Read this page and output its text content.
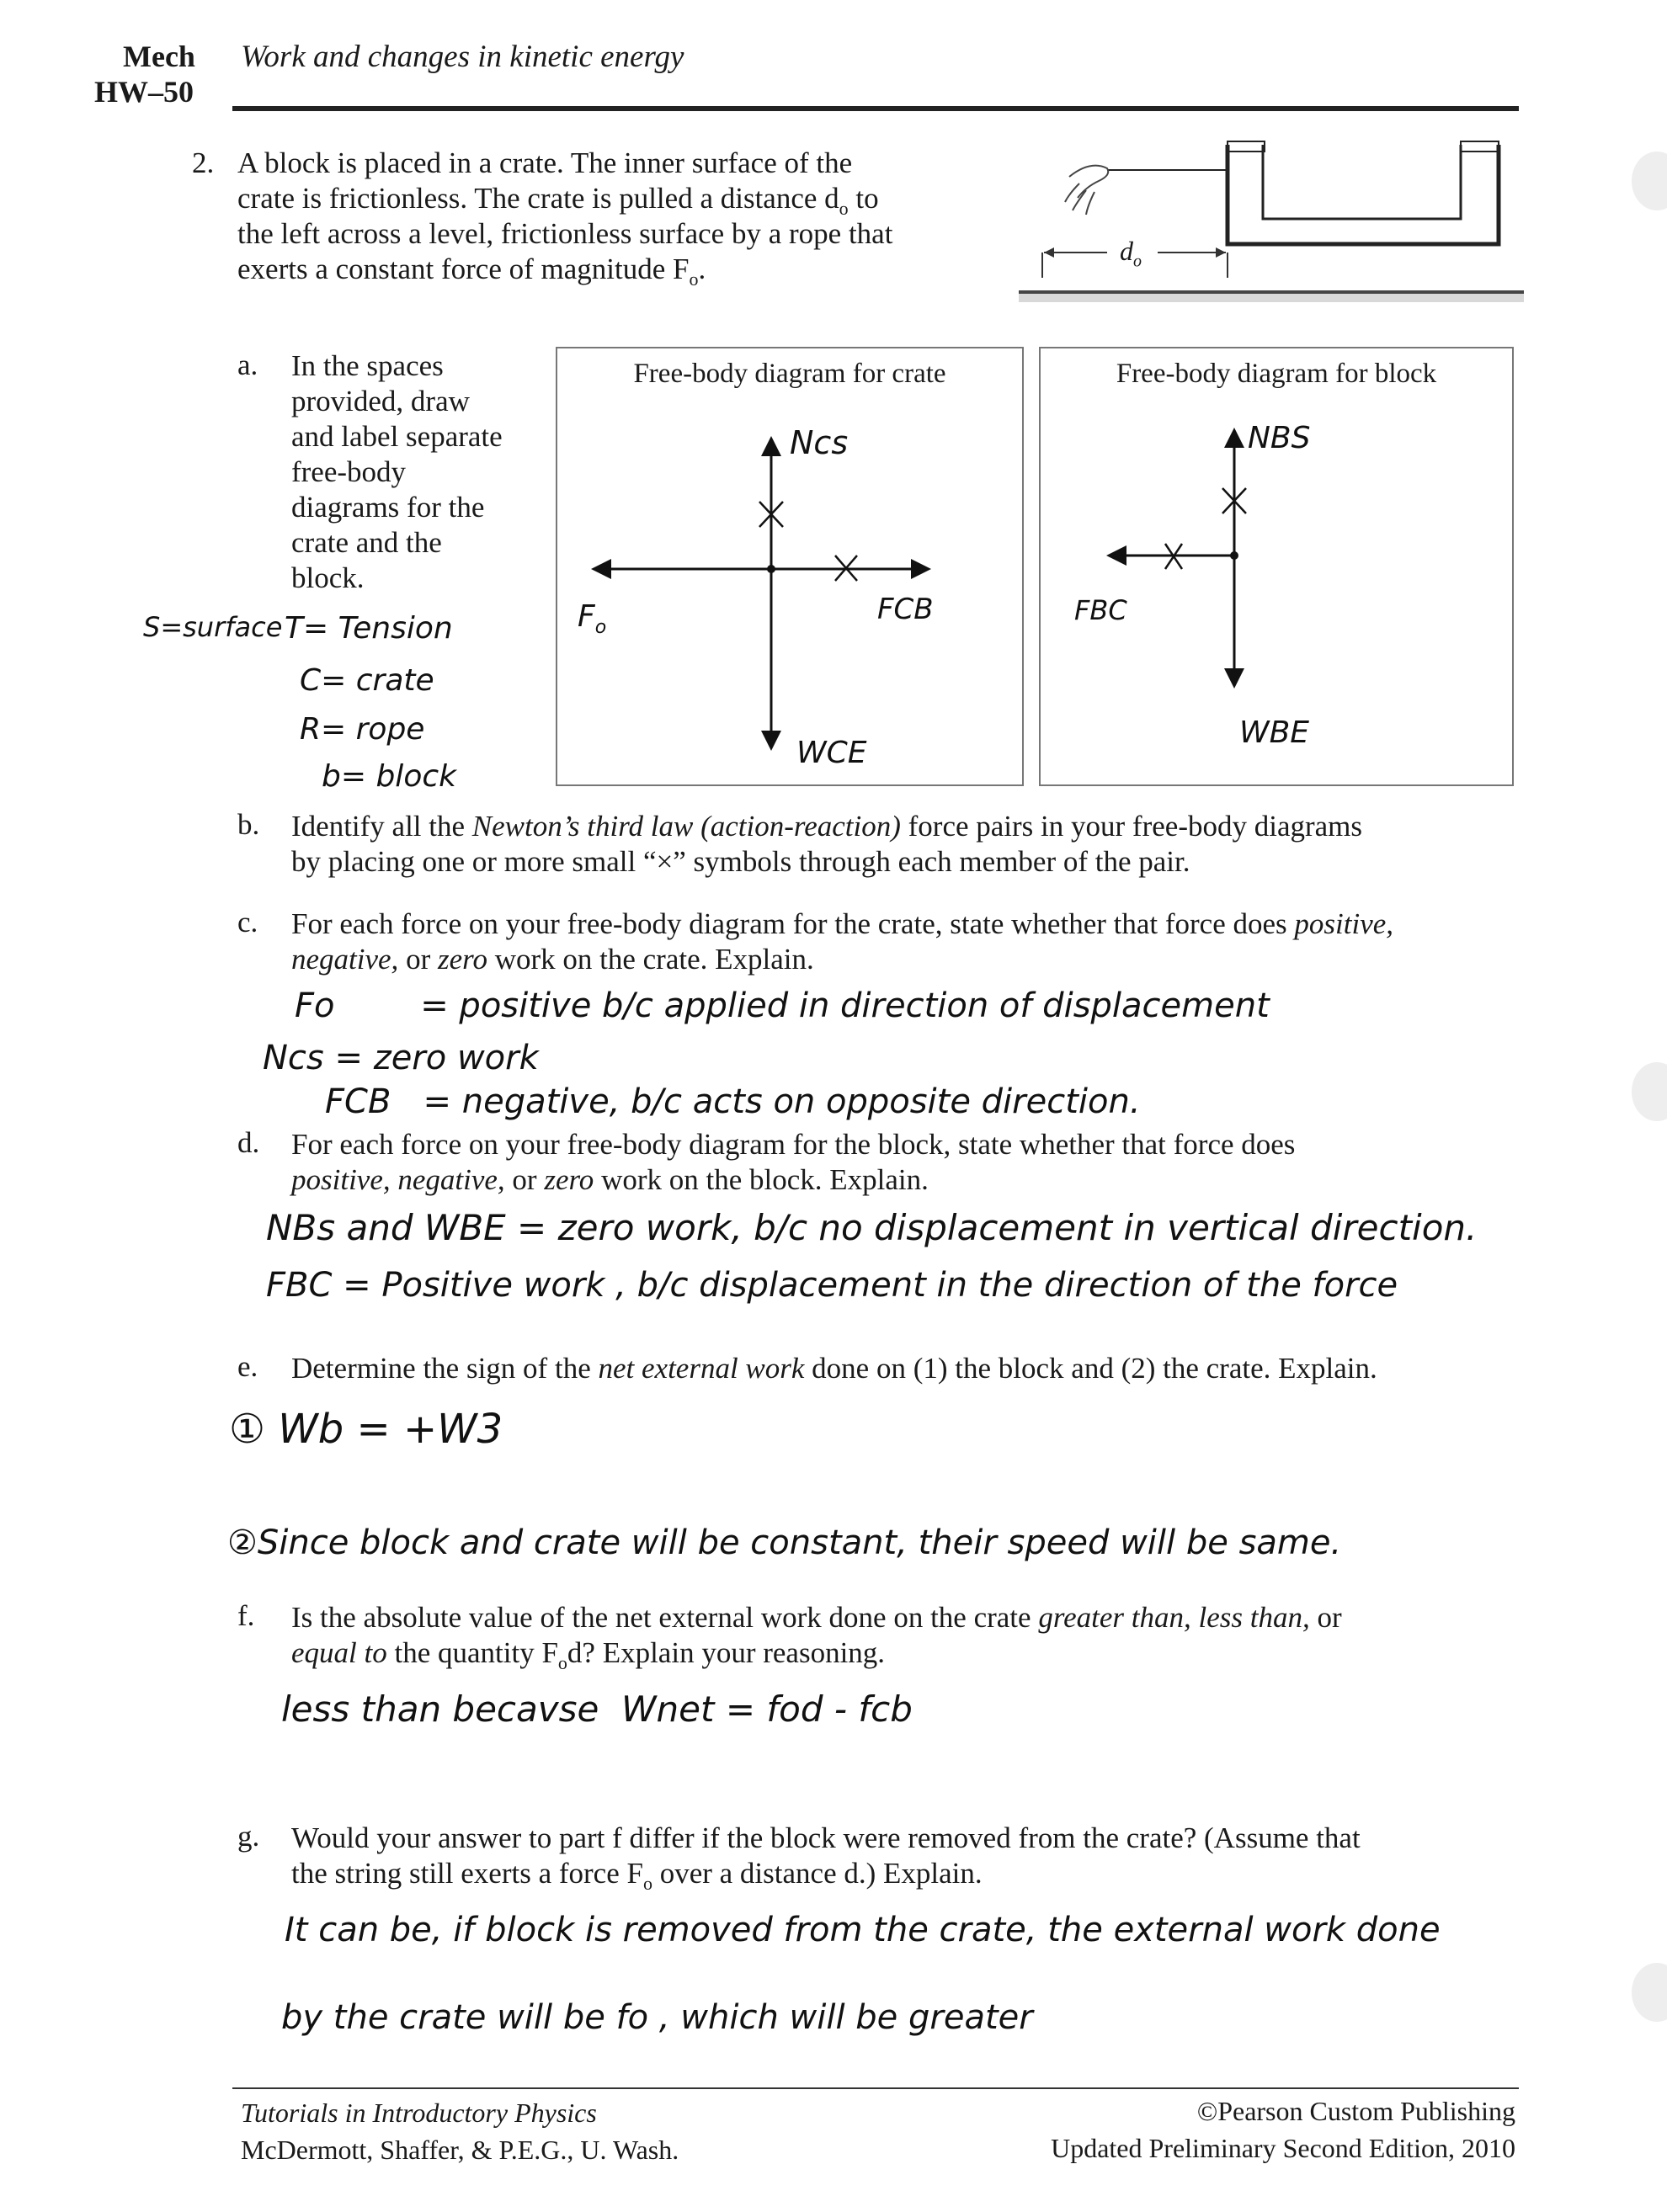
Mech
HW–50
Work and changes in kinetic energy
2. A block is placed in a crate. The inner surface of the
crate is frictionless. The crate is pulled a distance $d_o$ to
the left across a level, frictionless surface by a rope that
exerts a constant force of magnitude $F_o$.
$d_o$
a. In the spaces
provided, draw
and label separate
free-body
diagrams for the
crate and the
block.
S=surface T= Tension
C= crate
R= rope
b= block
Free-body diagram for crate
Ncs
$F_o$
FCB
WCE
Free-body diagram for block
NBS
FBC
WBE
b. Identify all the Newton’s third law (action-reaction) force pairs in your free-body diagrams
by placing one or more small “×” symbols through each member of the pair.
c. For each force on your free-body diagram for the crate, state whether that force does positive,
negative, or zero work on the crate. Explain.
Fo        = positive b/c applied in direction of displacement
Ncs = zero work
FCB   = negative, b/c acts on opposite direction.
d. For each force on your free-body diagram for the block, state whether that force does
positive, negative, or zero work on the block. Explain.
NBs and WBE = zero work, b/c no displacement in vertical direction.
FBC = Positive work , b/c displacement in the direction of the force
e. Determine the sign of the net external work done on (1) the block and (2) the crate. Explain.
① Wb = +W3
②Since block and crate will be constant, their speed will be same.
f. Is the absolute value of the net external work done on the crate greater than, less than, or
equal to the quantity $F_od$? Explain your reasoning.
less than becavse  Wnet = fod - fcb
g. Would your answer to part f differ if the block were removed from the crate? (Assume that
the string still exerts a force $F_o$ over a distance d.) Explain.
It can be, if block is removed from the crate, the external work done
by the crate will be fo , which will be greater
Tutorials in Introductory Physics
McDermott, Shaffer, & P.E.G., U. Wash.
©Pearson Custom Publishing
Updated Preliminary Second Edition, 2010
